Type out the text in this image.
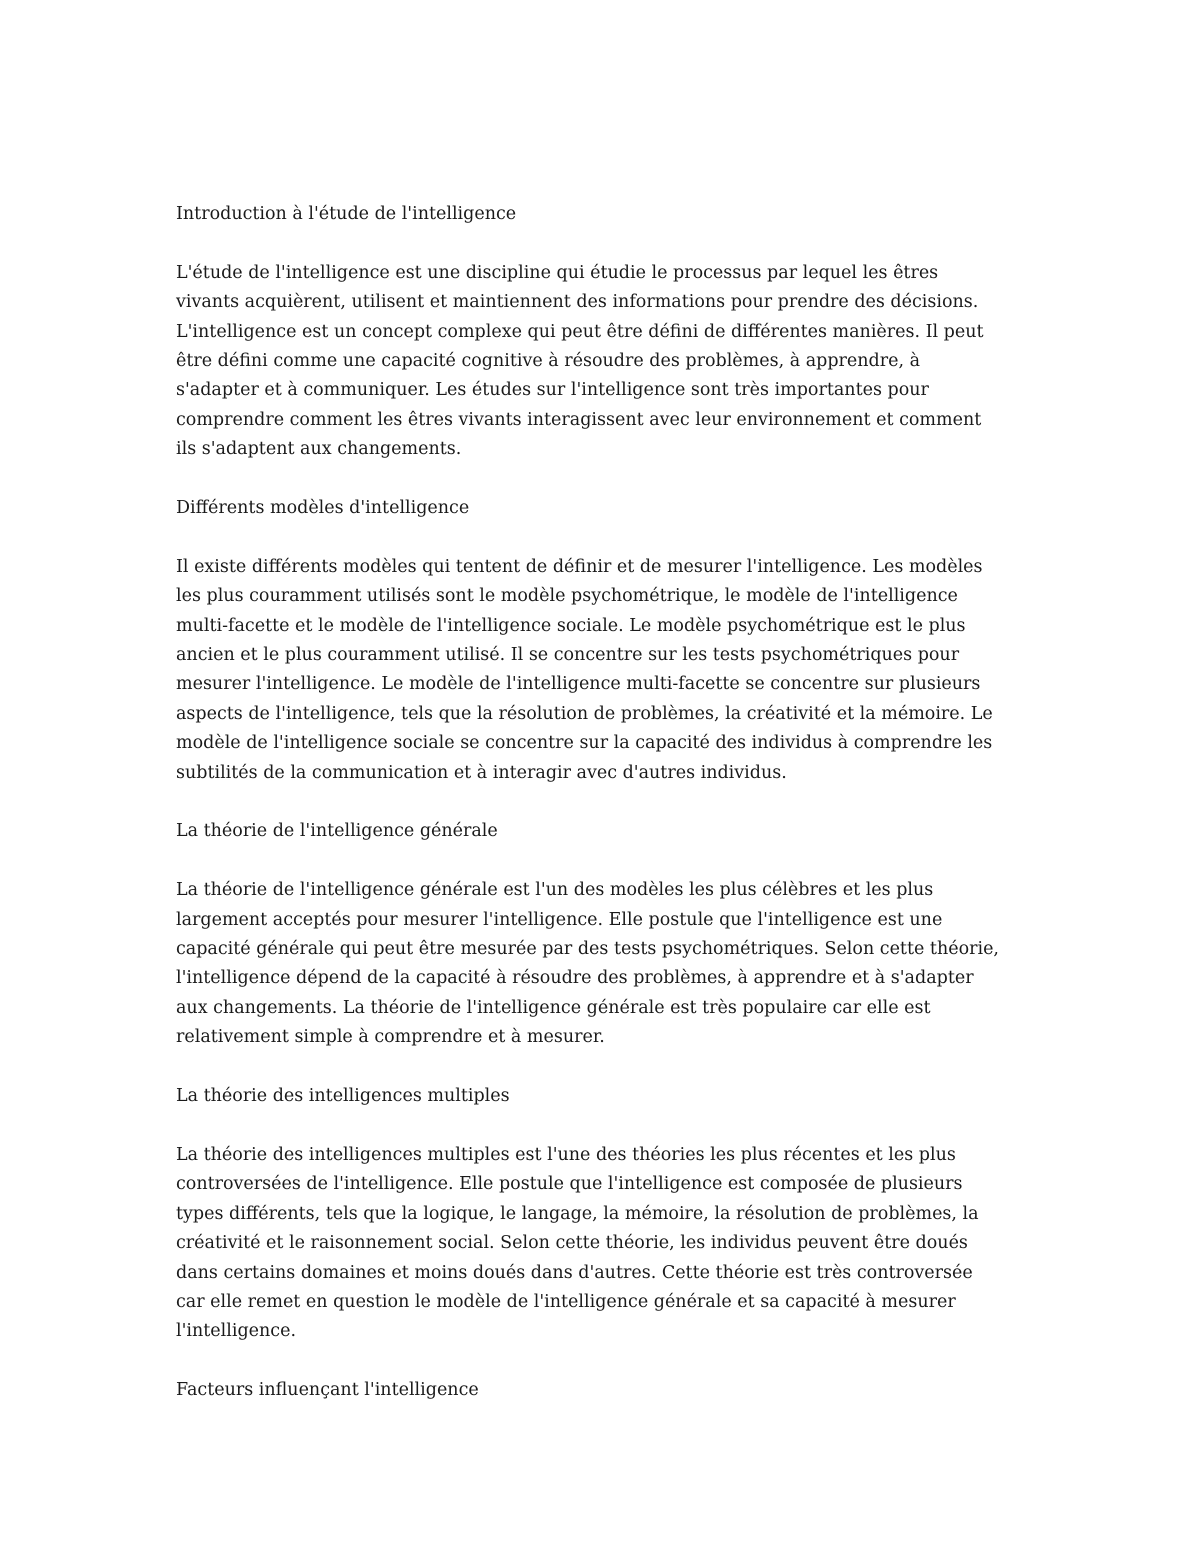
Introduction à l'étude de l'intelligence

L'étude de l'intelligence est une discipline qui étudie le processus par lequel les êtres
vivants acquièrent, utilisent et maintiennent des informations pour prendre des décisions.
L'intelligence est un concept complexe qui peut être défini de différentes manières. Il peut
être défini comme une capacité cognitive à résoudre des problèmes, à apprendre, à
s'adapter et à communiquer. Les études sur l'intelligence sont très importantes pour
comprendre comment les êtres vivants interagissent avec leur environnement et comment
ils s'adaptent aux changements.

Différents modèles d'intelligence

Il existe différents modèles qui tentent de définir et de mesurer l'intelligence. Les modèles
les plus couramment utilisés sont le modèle psychométrique, le modèle de l'intelligence
multi-facette et le modèle de l'intelligence sociale. Le modèle psychométrique est le plus
ancien et le plus couramment utilisé. Il se concentre sur les tests psychométriques pour
mesurer l'intelligence. Le modèle de l'intelligence multi-facette se concentre sur plusieurs
aspects de l'intelligence, tels que la résolution de problèmes, la créativité et la mémoire. Le
modèle de l'intelligence sociale se concentre sur la capacité des individus à comprendre les
subtilités de la communication et à interagir avec d'autres individus.

La théorie de l'intelligence générale

La théorie de l'intelligence générale est l'un des modèles les plus célèbres et les plus
largement acceptés pour mesurer l'intelligence. Elle postule que l'intelligence est une
capacité générale qui peut être mesurée par des tests psychométriques. Selon cette théorie,
l'intelligence dépend de la capacité à résoudre des problèmes, à apprendre et à s'adapter
aux changements. La théorie de l'intelligence générale est très populaire car elle est
relativement simple à comprendre et à mesurer.

La théorie des intelligences multiples

La théorie des intelligences multiples est l'une des théories les plus récentes et les plus
controversées de l'intelligence. Elle postule que l'intelligence est composée de plusieurs
types différents, tels que la logique, le langage, la mémoire, la résolution de problèmes, la
créativité et le raisonnement social. Selon cette théorie, les individus peuvent être doués
dans certains domaines et moins doués dans d'autres. Cette théorie est très controversée
car elle remet en question le modèle de l'intelligence générale et sa capacité à mesurer
l'intelligence.

Facteurs influençant l'intelligence
